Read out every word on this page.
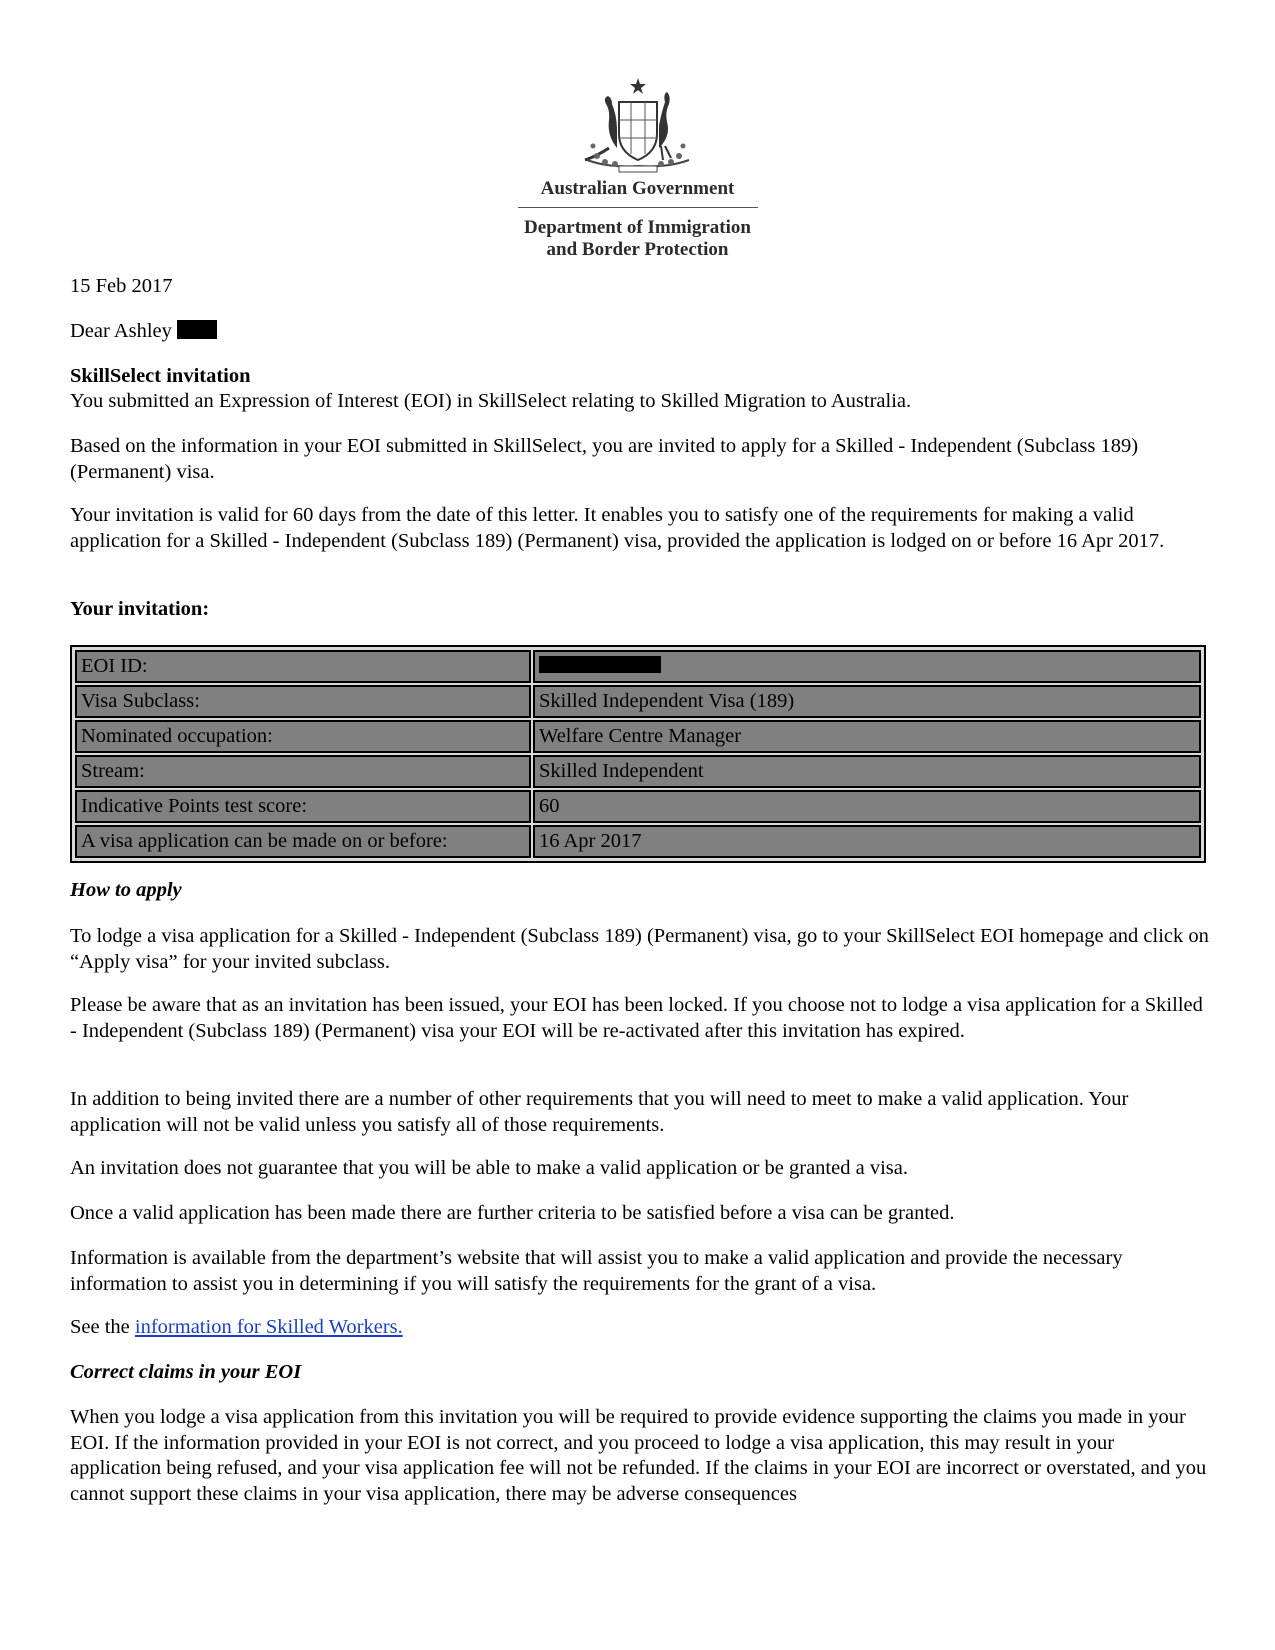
Australian Government
Department of Immigration
and Border Protection

15 Feb 2017

Dear Ashley

SkillSelect invitation

You submitted an Expression of Interest (EOI) in SkillSelect relating to Skilled Migration to Australia.

Based on the information in your EOI submitted in SkillSelect, you are invited to apply for a Skilled - Independent (Subclass 189) (Permanent) visa.

Your invitation is valid for 60 days from the date of this letter. It enables you to satisfy one of the requirements for making a valid application for a Skilled - Independent (Subclass 189) (Permanent) visa, provided the application is lodged on or before 16 Apr 2017.

Your invitation:

EOI ID:
Visa Subclass:	Skilled Independent Visa (189)
Nominated occupation:	Welfare Centre Manager
Stream:	Skilled Independent
Indicative Points test score:	60
A visa application can be made on or before:	16 Apr 2017

How to apply

To lodge a visa application for a Skilled - Independent (Subclass 189) (Permanent) visa, go to your SkillSelect EOI homepage and click on “Apply visa” for your invited subclass.

Please be aware that as an invitation has been issued, your EOI has been locked. If you choose not to lodge a visa application for a Skilled - Independent (Subclass 189) (Permanent) visa your EOI will be re-activated after this invitation has expired.

In addition to being invited there are a number of other requirements that you will need to meet to make a valid application. Your application will not be valid unless you satisfy all of those requirements.

An invitation does not guarantee that you will be able to make a valid application or be granted a visa.

Once a valid application has been made there are further criteria to be satisfied before a visa can be granted.

Information is available from the department’s website that will assist you to make a valid application and provide the necessary information to assist you in determining if you will satisfy the requirements for the grant of a visa.

See the information for Skilled Workers.

Correct claims in your EOI

When you lodge a visa application from this invitation you will be required to provide evidence supporting the claims you made in your EOI. If the information provided in your EOI is not correct, and you proceed to lodge a visa application, this may result in your application being refused, and your visa application fee will not be refunded. If the claims in your EOI are incorrect or overstated, and you cannot support these claims in your visa application, there may be adverse consequences
